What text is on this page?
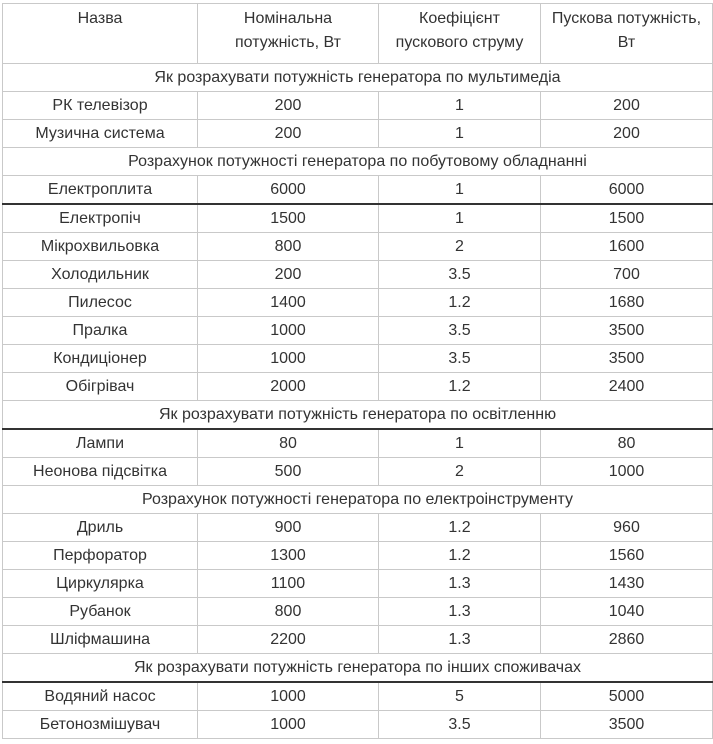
Назва	Номінальна потужність, Вт	Коефіцієнт пускового струму	Пускова потужність, Вт
Як розрахувати потужність генератора по мультимедіа			
РК телевізор	200	1	200
Музична система	200	1	200
Розрахунок потужності генератора по побутовому обладнанні			
Електроплита	6000	1	6000
Електропіч	1500	1	1500
Мікрохвильовка	800	2	1600
Холодильник	200	3.5	700
Пилесос	1400	1.2	1680
Пралка	1000	3.5	3500
Кондиціонер	1000	3.5	3500
Обігрівач	2000	1.2	2400
Як розрахувати потужність генератора по освітленню			
Лампи	80	1	80
Неонова підсвітка	500	2	1000
Розрахунок потужності генератора по електроінструменту			
Дриль	900	1.2	960
Перфоратор	1300	1.2	1560
Циркулярка	1100	1.3	1430
Рубанок	800	1.3	1040
Шліфмашина	2200	1.3	2860
Як розрахувати потужність генератора по інших споживачах			
Водяний насос	1000	5	5000
Бетонозмішувач	1000	3.5	3500
